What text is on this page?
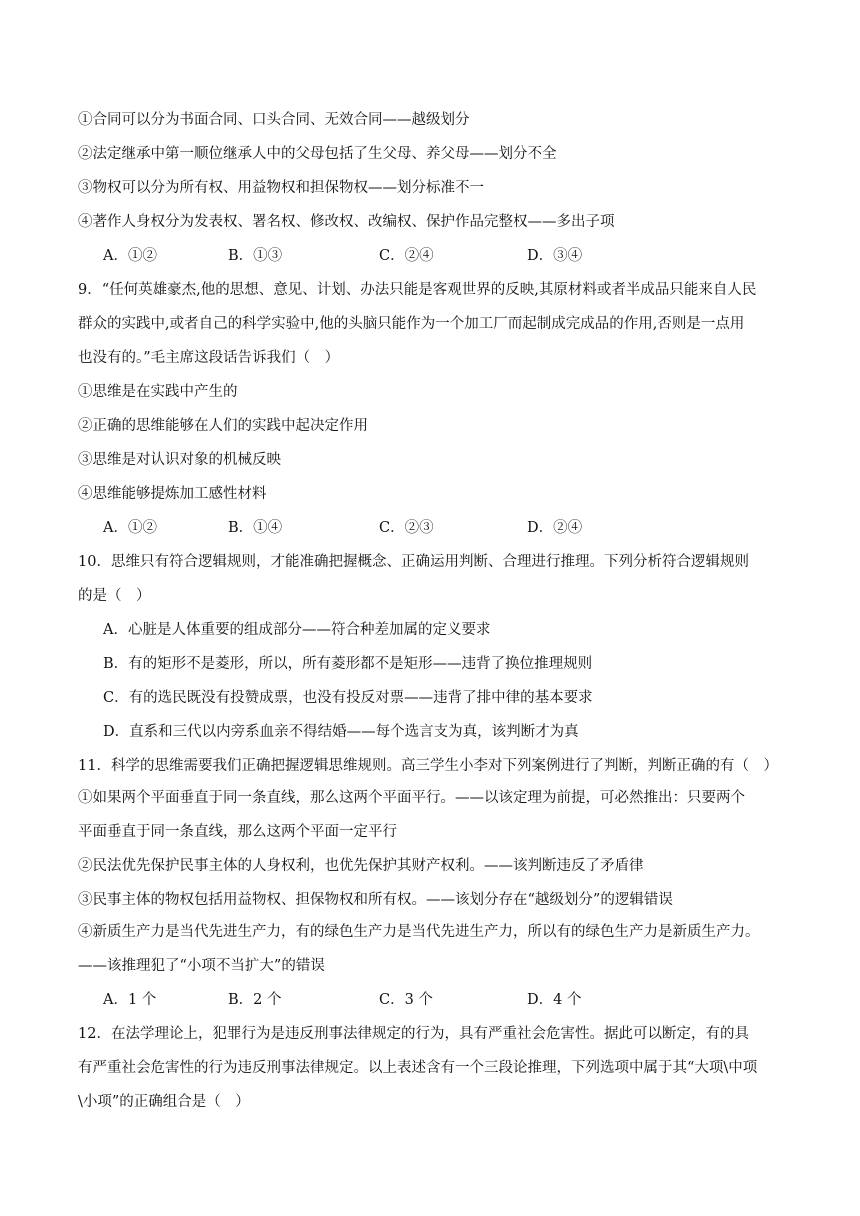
①合同可以分为书面合同、口头合同、无效合同——越级划分
②法定继承中第一顺位继承人中的父母包括了生父母、养父母——划分不全
③物权可以分为所有权、用益物权和担保物权——划分标准不一
④著作人身权分为发表权、署名权、修改权、改编权、保护作品完整权——多出子项
A．①②	B．①③	C．②④	D．③④
9．“任何英雄豪杰,他的思想、意见、计划、办法只能是客观世界的反映,其原材料或者半成品只能来自人民
群众的实践中,或者自己的科学实验中,他的头脑只能作为一个加工厂而起制成完成品的作用,否则是一点用
也没有的。”毛主席这段话告诉我们（　）
①思维是在实践中产生的
②正确的思维能够在人们的实践中起决定作用
③思维是对认识对象的机械反映
④思维能够提炼加工感性材料
A．①②	B．①④	C．②③	D．②④
10．思维只有符合逻辑规则，才能准确把握概念、正确运用判断、合理进行推理。下列分析符合逻辑规则
的是（　）
A．心脏是人体重要的组成部分——符合种差加属的定义要求
B．有的矩形不是菱形，所以，所有菱形都不是矩形——违背了换位推理规则
C．有的选民既没有投赞成票，也没有投反对票——违背了排中律的基本要求
D．直系和三代以内旁系血亲不得结婚——每个选言支为真，该判断才为真
11．科学的思维需要我们正确把握逻辑思维规则。高三学生小李对下列案例进行了判断，判断正确的有（　）
①如果两个平面垂直于同一条直线，那么这两个平面平行。——以该定理为前提，可必然推出：只要两个
平面垂直于同一条直线，那么这两个平面一定平行
②民法优先保护民事主体的人身权利，也优先保护其财产权利。——该判断违反了矛盾律
③民事主体的物权包括用益物权、担保物权和所有权。——该划分存在“越级划分”的逻辑错误
④新质生产力是当代先进生产力，有的绿色生产力是当代先进生产力，所以有的绿色生产力是新质生产力。
——该推理犯了“小项不当扩大”的错误
A．1 个	B．2 个	C．3 个	D．4 个
12．在法学理论上，犯罪行为是违反刑事法律规定的行为，具有严重社会危害性。据此可以断定，有的具
有严重社会危害性的行为违反刑事法律规定。以上表述含有一个三段论推理，下列选项中属于其“大项\中项
\小项”的正确组合是（　）
